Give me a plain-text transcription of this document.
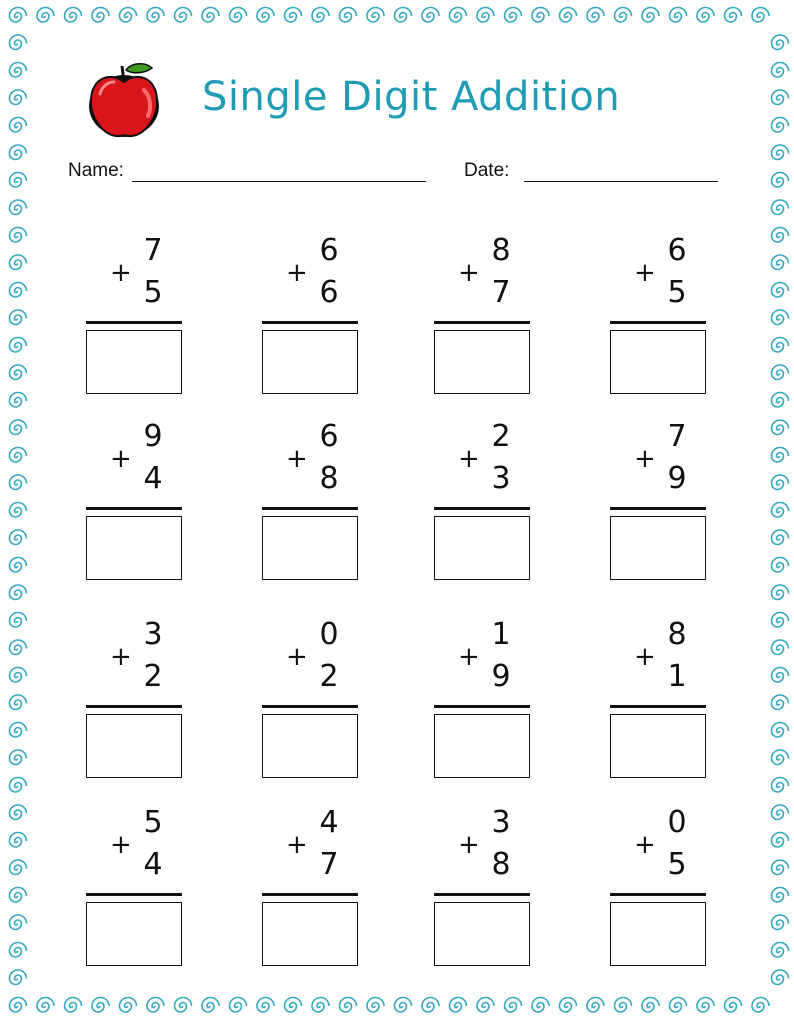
Single Digit Addition
Name:	Date:
7
+
5
6
+
6
8
+
7
6
+
5
9
+
4
6
+
8
2
+
3
7
+
9
3
+
2
0
+
2
1
+
9
8
+
1
5
+
4
4
+
7
3
+
8
0
+
5
